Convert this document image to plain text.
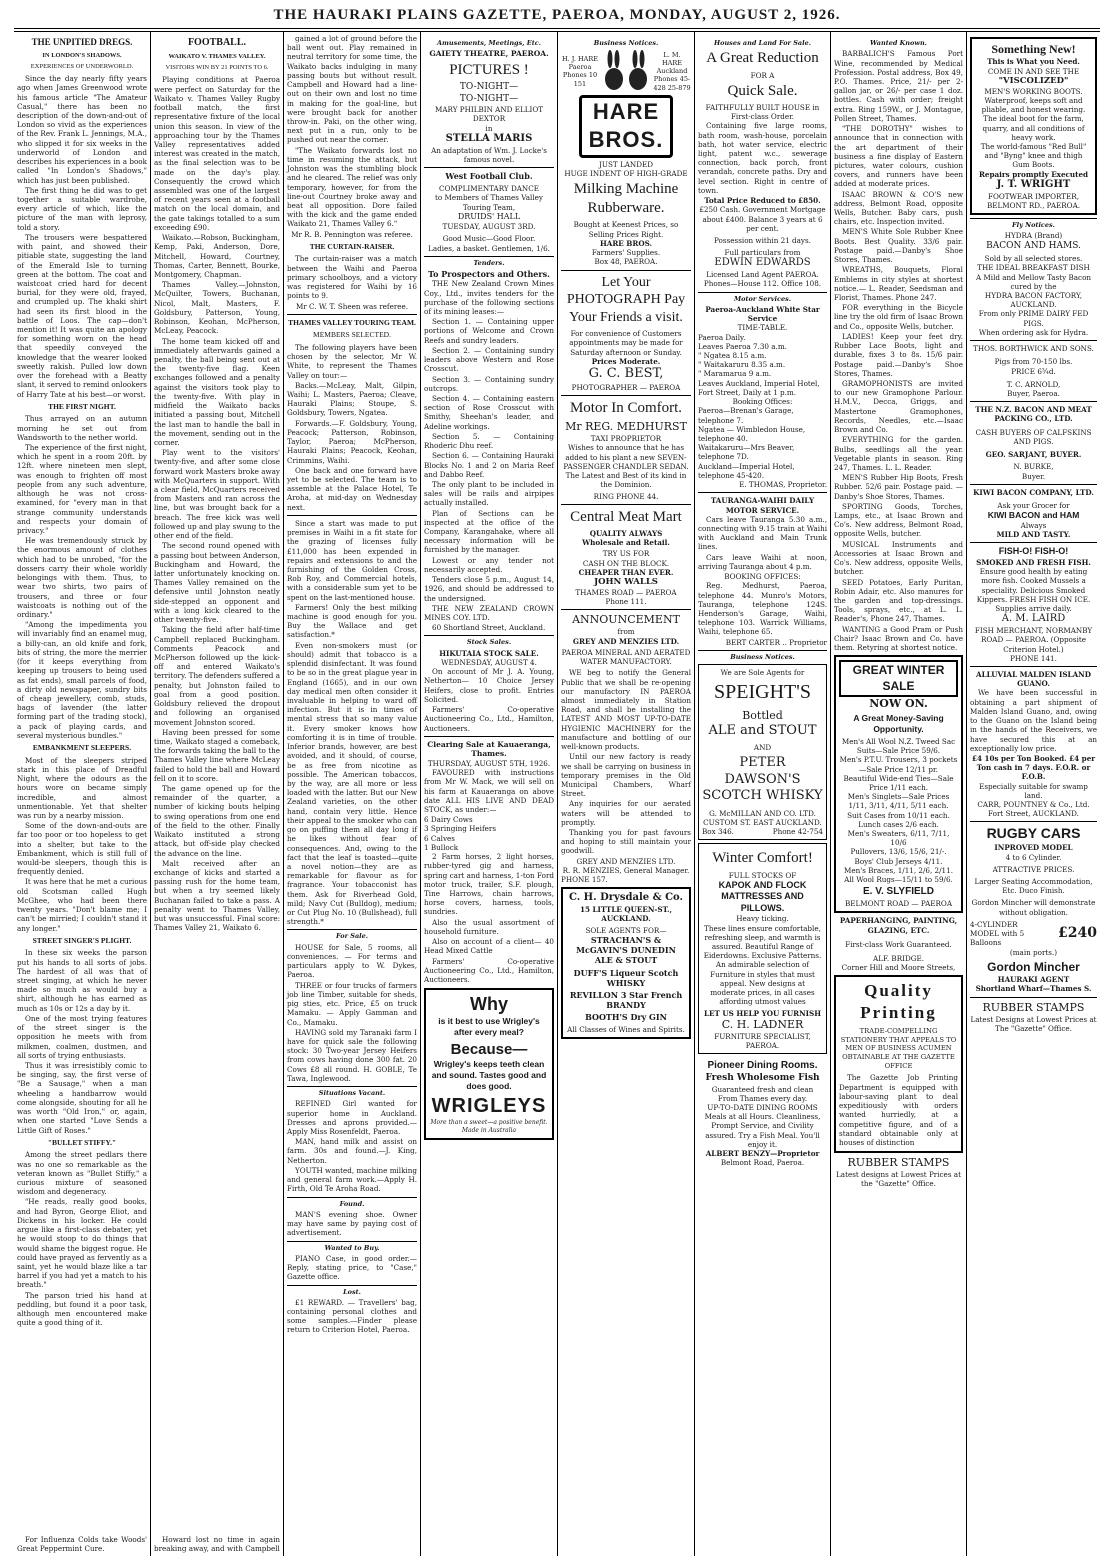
THE HAURAKI PLAINS GAZETTE, PAEROA, MONDAY, AUGUST 2, 1926.
THE UNPITIED DREGS.
IN LONDON'S SHADOWS.
EXPERIENCES OF UNDERWORLD.

Since the day nearly fifty years ago when James Greenwood wrote his famous article "The Amateur Casual," there has been no description of the down-and-out of London so vivid as the experiences of the Rev. Frank L. Jennings, M.A., who slipped it for six weeks in the underworld of London and describes his experiences in a book called "In London's Shadows," which has just been published.

The first thing he did was to get together a suitable wardrobe, every article of which, like the picture of the man with leprosy, told a story.

The trousers were bespattered with paint, and showed their pitiable state, suggesting the land of the Emerald Isle to turning green at the bottom. The coat and waistcoat cried hard for decent burial, for they were old, frayed, and crumpled up. The khaki shirt had seen its first blood in the battle of Loos. The cap—don't mention it! It was quite an apology for something worn on the head that speedily conveyed the knowledge that the wearer looked sweetly rakish. Pulled low down over the forehead with a Beatty slant, it served to remind onlookers of Harry Tate at his best—or worst.

THE FIRST NIGHT.

Thus arrayed on an autumn morning he set out from Wandsworth to the nether world.

The experience of the first night, which he spent in a room 20ft. by 12ft. where nineteen men slept, was enough to frighten off most people from any such adventure, although he was not cross-examined, for "every man in that strange community understands and respects your domain of privacy."

He was tremendously struck by the enormous amount of clothes which had to be unrobed, "for the dossers carry their whole worldly belongings with them. Thus, to wear two shirts, two pairs of trousers, and three or four waistcoats is nothing out of the ordinary."

"Among the impedimenta you will invariably find an enamel mug, a billy-can, an old knife and fork, bits of string, the more the merrier (for it keeps everything from keeping up trousers to being used as fat ends), small parcels of food, a dirty old newspaper, sundry bits of cheap jewellery, comb, studs, bags of lavender (the latter forming part of the trading stock), a pack of playing cards, and several mysterious bundles."

EMBANKMENT SLEEPERS.

Most of the sleepers striped stark in this place of Dreadful Night, where the odours as the hours wore on became simply incredible, and almost unmentionable. Yet that shelter was run by a nearby mission.

Some of the down-and-outs are far too poor or too hopeless to get into a shelter, but take to the Embankment, which is still full of would-be sleepers, though this is frequently denied.

It was here that he met a curious old Scotsman called Hugh McGhee, who had been there twenty years. "Don't blame me; I can't be mirried; I couldn't stand it any longer."

STREET SINGER'S PLIGHT.

In these six weeks the parson put his hands to all sorts of jobs. The hardest of all was that of street singing, at which he never made so much as would buy a shirt, although he has earned as much as 10s or 12s a day by it.

One of the most trying features of the street singer is the opposition he meets with from milkmen, coalmen, dustmen, and all sorts of trying enthusiasts.

Thus it was irresistibly comic to be singing, say, the first verse of "Be a Sausage," when a man wheeling a handbarrow would come alongside, shouting for all he was worth "Old Iron," or, again, when one started "Love Sends a Little Gift of Roses."

"BULLET STIFFY."

Among the street pedlars there was no one so remarkable as the veteran known as "Bullet Stiffy," a curious mixture of seasoned wisdom and degeneracy.

"He reads, really good books, and had Byron, George Eliot, and Dickens in his locker. He could argue like a first-class debater, yet he would stoop to do things that would shame the biggest rogue. He could have prayed as fervently as a saint, yet he would blaze like a tar barrel if you had yet a match to his breath."

The parson tried his hand at peddling, but found it a poor task, although men encountered make quite a good thing of it.

For Influenza Colds take Woods' Great Peppermint Cure.

FOOTBALL.
WAIKATO V. THAMES VALLEY.
VISITORS WIN BY 21 POINTS TO 6.

Playing conditions at Paeroa were perfect on Saturday for the Waikato v. Thames Valley Rugby football match, the first representative fixture of the local union this season. In view of the approaching tour by the Thames Valley representatives added interest was created in the match, as the final selection was to be made on the day's play. Consequently the crowd which assembled was one of the largest of recent years seen at a football match on the local domain, and the gate takings totalled to a sum exceeding £90.

Waikato.—Robson, Buckingham, Kemp, Paki, Anderson, Dore, Mitchell, Howard, Courtney, Thomas, Carter, Bennett, Bourke, Montgomery, Chapman.

Thames Valley.—Johnston, McQuilter, Towers, Buchanan, Nicol, Malt, Masters, F. Goldsbury, Patterson, Young, Robinson, Keohan, McPherson, McLeay, Peacock.

The home team kicked off and immediately afterwards gained a penalty, the ball being sent out at the twenty-five flag. Keen exchanges followed and a penalty against the visitors took play to the twenty-five. With play in midfield the Waikato backs initiated a passing bout, Mitchell the last man to handle the ball in the movement, sending out in the corner.

Play went to the visitors' twenty-five, and after some close forward work Masters broke away with McQuarters in support. With a clear field, McQuarters received from Masters and ran across the line, but was brought back for a breach. The free kick was well followed up and play swung to the other end of the field.

The second round opened with a passing bout between Anderson, Buckingham and Howard, the latter unfortunately knocking on. Thames Valley remained on the defensive until Johnston neatly side-stepped an opponent and with a long kick cleared to the other twenty-five.

Taking the field after half-time Campbell replaced Buckingham. Comments Peacock and McPherson followed up the kick-off and entered Waikato's territory. The defenders suffered a penalty, but Johnston failed to goal from a good position. Goldsbury relieved the dropout and following an organised movement Johnston scored.

Having been pressed for some time, Waikato staged a comeback, the forwards taking the ball to the Thames Valley line where McLeay failed to hold the ball and Howard fell on it to score.

The game opened up for the remainder of the quarter, a number of kicking bouts helping to swing operations from one end of the field to the other. Finally Waikato instituted a strong attack, but off-side play checked the advance on the line.

Malt received after an exchange of kicks and started a passing rush for the home team, but when a try seemed likely Buchanan failed to take a pass. A penalty went to Thames Valley, but was unsuccessful. Final score: Thames Valley 21, Waikato 6.

Howard lost no time in again breaking away, and with Campbell

gained a lot of ground before the ball went out. Play remained in neutral territory for some time, the Waikato backs indulging in many passing bouts but without result. Campbell and Howard had a line-out on their own and lost no time in making for the goal-line, but were brought back for another throw-in. Paki, on the other wing, next put in a run, only to be pushed out near the corner.

"The Waikato forwards lost no time in resuming the attack, but Johnston was the stumbling block and he cleared. The relief was only temporary, however, for from the line-out Courtney broke away and beat all opposition. Dore failed with the kick and the game ended Waikato 21, Thames Valley 6."

Mr R. B. Pennington was referee.

THE CURTAIN-RAISER.

The curtain-raiser was a match between the Waihi and Paeroa primary schoolboys, and a victory was registered for Waihi by 16 points to 9.

Mr C. W. T. Sheen was referee.

THAMES VALLEY TOURING TEAM.
MEMBERS SELECTED.

The following players have been chosen by the selector, Mr W. White, to represent the Thames Valley on tour:—

Backs.—McLeay, Malt, Gilpin, Waihi; L. Masters, Paeroa; Cleave, Hauraki Plains; Stoupe, S. Goldsbury, Towers, Ngatea.

Forwards.—F. Goldsbury, Young, Peacock; Patterson, Robinson, Taylor, Paeroa; McPherson, Hauraki Plains; Peacock, Keohan, Crimmins, Waihi.

One back and one forward have yet to be selected. The team is to assemble at the Palace Hotel, Te Aroha, at mid-day on Wednesday next.

Since a start was made to put premises in Waihi in a fit state for the grazing of licenses fully £11,000 has been expended in repairs and extensions to and the furnishing of the Golden Cross, Rob Roy, and Commercial hotels, with a considerable sum yet to be spent on the last-mentioned house.

Farmers! Only the best milking machine is good enough for you. Buy the Wallace and get satisfaction.*

Even non-smokers must (or should) admit that tobacco is a splendid disinfectant. It was found to be so in the great plague year in England (1665), and in our own day medical men often consider it invaluable in helping to ward off infection. But it is in times of mental stress that so many value it. Every smoker knows how comforting it is in time of trouble. Inferior brands, however, are best avoided, and it should, of course, be as free from nicotine as possible. The American tobaccos, by the way, are all more or less loaded with the latter. But our New Zealand varieties, on the other hand, contain very little. Hence their appeal to the smoker who can go on puffing them all day long if he likes without fear of consequences. And, owing to the fact that the leaf is toasted—quite a novel notion—they are as remarkable for flavour as for fragrance. Your tobacconist has them. Ask for Riverhead Gold, mild; Navy Cut (Bulldog), medium; or Cut Plug No. 10 (Bullshead), full strength.*

For Sale.

HOUSE for Sale, 5 rooms, all conveniences. — For terms and particulars apply to W. Dykes, Paeroa.

THREE or four trucks of farmers job line Timber, suitable for sheds, pig sties, etc. Price, £5 on truck Mamaku. — Apply Gamman and Co., Mamaku.

HAVING sold my Taranaki farm I have for quick sale the following stock: 30 Two-year Jersey Heifers from cows having done 300 fat. 20 Cows £8 all round. H. GOBLE, Te Tawa, Inglewood.

Situations Vacant.

REFINED Girl wanted for superior home in Auckland. Dresses and aprons provided.—Apply Miss Rosenfeldt, Paeroa.

MAN, hand milk and assist on farm. 30s and found.—J. King, Netherton.

YOUTH wanted, machine milking and general farm work.—Apply H. Firth, Old Te Aroha Road.

Found.

MAN'S evening shoe. Owner may have same by paying cost of advertisement.

Wanted to Buy.

PIANO Case, in good order.—Reply, stating price, to "Case," Gazette office.

Lost.

£1 REWARD. — Travellers' bag, containing personal clothes and some samples.—Finder please return to Criterion Hotel, Paeroa.

Amusements, Meetings, Etc.
GAIETY THEATRE, PAEROA.
PICTURES !
TO-NIGHT—
TO-NIGHT—
MARY PHILBIN AND ELLIOT DEXTOR
in
STELLA MARIS
An adaptation of Wm. J. Locke's famous novel.
West Football Club.
COMPLIMENTARY DANCE
to Members of Thames Valley Touring Team,
DRUIDS' HALL
TUESDAY, AUGUST 3RD.
Good Music—Good Floor.
Ladies, a basket. Gentlemen, 1/6.
Tenders.
To Prospectors and Others.

THE New Zealand Crown Mines Coy., Ltd., invites tenders for the purchase of the following sections of its mining leases:—

Section 1. — Containing upper portions of Welcome and Crown Reefs and sundry leaders.

Section 2. — Containing sundry leaders above Western and Rose Crosscut.

Section 3. — Containing sundry outcrops.

Section 4. — Containing eastern section of Rose Crosscut with Smithy, Sheehan's leader, and Adeline workings.

Section 5. — Containing Rhoderic Dhu reef.

Section 6. — Containing Hauraki Blocks No. 1 and 2 on Maria Reef and Dabbo Reef.

The only plant to be included in sales will be rails and airpipes actually installed.

Plan of Sections can be inspected at the office of the Company, Karangahake, where all necessary information will be furnished by the manager.

Lowest or any tender not necessarily accepted.

Tenders close 5 p.m., August 14, 1926, and should be addressed to the undersigned.

THE NEW ZEALAND CROWN MINES COY. LTD.

60 Shortland Street, Auckland.

Stock Sales.
HIKUTAIA STOCK SALE.
WEDNESDAY, AUGUST 4.

On account of Mr J. A. Young, Netherton— 10 Choice Jersey Heifers, close to profit. Entries Solicited.

Farmers' Co-operative Auctioneering Co., Ltd., Hamilton, Auctioneers.

Clearing Sale at Kauaeranga, Thames.
THURSDAY, AUGUST 5TH, 1926.

FAVOURED with instructions from Mr W. Mack, we will sell on his farm at Kauaeranga on above date ALL HIS LIVE AND DEAD STOCK, as under:—

6 Dairy Cows

3 Springing Heifers

6 Calves

1 Bullock

2 Farm horses, 2 light horses, rubber-tyred gig and harness, spring cart and harness, 1-ton Ford motor truck, trailer, S.F. plough, Tine Harrows, chain harrows, horse covers, harness, tools, sundries.

Also the usual assortment of household furniture.

Also on account of a client— 40 Head Mixed Cattle

Farmers' Co-operative Auctioneering Co., Ltd., Hamilton, Auctioneers.

Why
is it best to use Wrigley's after every meal?
Because—
Wrigley's keeps teeth clean and sound. Tastes good and does good.
WRIGLEYS
More than a sweet—a positive benefit.
Made in Australia
Business Notices.
H. J. HARE Paeroa Phones 10 151
L. M. HARE Auckland Phones 45-428 25-879
HARE BROS.
JUST LANDED
HUGE INDENT OF HIGH-GRADE
Milking Machine Rubberware.
Bought at Keenest Prices, so Selling Prices Right.
HARE BROS.
Farmers' Supplies.
Box 48, PAEROA.
Let Your PHOTOGRAPH Pay Your Friends a visit.
For convenience of Customers appointments may be made for Saturday afternoon or Sunday.
Prices Moderate.
G. C. BEST,
PHOTOGRAPHER — PAEROA
Motor In Comfort.
Mr REG. MEDHURST
TAXI PROPRIETOR

Wishes to announce that he has added to his plant a new SEVEN-PASSENGER CHANDLER SEDAN. The Latest and Best of its kind in the Dominion.

RING PHONE 44.
Central Meat Mart
QUALITY ALWAYS
Wholesale and Retail.
TRY US FOR
CASH ON THE BLOCK.
CHEAPER THAN EVER.
JOHN WALLS
THAMES ROAD — PAEROA
Phone 111.
ANNOUNCEMENT
from
GREY AND MENZIES LTD.
PAEROA MINERAL AND AERATED WATER MANUFACTORY.

WE beg to notify the General Public that we shall be re-opening our manufactory IN PAEROA almost immediately in Station Road, and shall be installing the LATEST AND MOST UP-TO-DATE HYGIENIC MACHINERY for the manufacture and bottling of our well-known products.

Until our new factory is ready we shall be carrying on business in temporary premises in the Old Municipal Chambers, Wharf Street.

Any inquiries for our aerated waters will be attended to promptly.

Thanking you for past favours and hoping to still maintain your goodwill.

GREY AND MENZIES LTD.
R. R. MENZIES, General Manager.
PHONE 157.
C. H. Drysdale & Co.
15 LITTLE QUEEN-ST., AUCKLAND.
SOLE AGENTS FOR—
STRACHAN'S & McGAVIN'S DUNEDIN ALE & STOUT
DUFF'S Liqueur Scotch WHISKY
REVILLON 3 Star French BRANDY
BOOTH'S Dry GIN
All Classes of Wines and Spirits.
Houses and Land For Sale.
A Great Reduction
FOR A
Quick Sale.
FAITHFULLY BUILT HOUSE in First-class Order.

Containing five large rooms, bath room, wash-house, porcelain bath, hot water service, electric light, patent w.c., sewerage connection, back porch, front verandah, concrete paths. Dry and level section. Right in centre of town.

Total Price Reduced to £850.

£250 Cash. Government Mortgage about £400. Balance 3 years at 6 per cent.

Possession within 21 days.
Full particulars from
EDWIN EDWARDS
Licensed Land Agent PAEROA.
Phones—House 112. Office 108.
Motor Services.
Paeroa-Auckland White Star Service
TIME-TABLE.
Paeroa Daily.
Leaves Paeroa 7.30 a.m.
" Ngatea 8.15 a.m.
" Waitakaruru 8.35 a.m.
" Maramarua 9 a.m.
Leaves Auckland, Imperial Hotel, Fort Street, Daily at 1 p.m.
Booking Offices:
Paeroa—Brenan's Garage, telephone 7.
Ngatea — Wimbledon House, telephone 40.
Waitakaruru—Mrs Beaver, telephone 7D.
Auckland—Imperial Hotel, telephone 45-420.
E. THOMAS, Proprietor.
TAURANGA-WAIHI DAILY MOTOR SERVICE.

Cars leave Tauranga 5.30 a.m., connecting with 9.15 train at Waihi with Auckland and Main Trunk lines.

Cars leave Waihi at noon, arriving Tauranga about 4 p.m.

BOOKING OFFICES:

Reg. Medhurst, Paeroa, telephone 44. Munro's Motors, Tauranga, telephone 124S. Henderson's Garage, Waihi, telephone 103. Warrick Williams, Waihi, telephone 65.

BERT CARTER .. Proprietor
Business Notices.
We are Sole Agents for
SPEIGHT'S
Bottled
ALE and STOUT
AND
PETER DAWSON'S SCOTCH WHISKY
G. McMILLAN AND CO. LTD.
CUSTOM ST. EAST AUCKLAND.
Box 346.	Phone 42-754
Winter Comfort!
FULL STOCKS OF
KAPOK AND FLOCK MATTRESSES AND PILLOWS.
Heavy ticking.

These lines ensure comfortable, refreshing sleep, and warmth is assured. Beautiful Range of Eiderdowns. Exclusive Patterns. An admirable selection of Furniture in styles that must appeal. New designs at moderate prices, in all cases affording utmost values

LET US HELP YOU FURNISH
C. H. LADNER
FURNITURE SPECIALIST, PAEROA.
Pioneer Dining Rooms.
Fresh Wholesome Fish
Guaranteed fresh and clean From Thames every day.
UP-TO-DATE DINING ROOMS Meals at all Hours. Cleanliness, Prompt Service, and Civility assured. Try a Fish Meal. You'll enjoy it.
ALBERT BENZY—Proprietor
Belmont Road, Paeroa.
Wanted Known.

BARBALICH'S Famous Port Wine, recommended by Medical Profession. Postal address, Box 49, P.O. Thames. Price, 21/- per 2-gallon jar, or 26/- per case 1 doz. bottles. Cash with order; freight extra. Ring 159W., or J. Montague, Pollen Street, Thames.

"THE DOROTHY" wishes to announce that in connection with the art department of their business a fine display of Eastern pictures, water colours, cushion covers, and runners have been added at moderate prices.

ISAAC BROWN & CO'S new address, Belmont Road, opposite Wells, Butcher. Baby cars, push chairs, etc. Inspection invited.

MEN'S White Sole Rubber Knee Boots. Best Quality. 33/6 pair. Postage paid.—Danby's Shoe Stores, Thames.

WREATHS, Bouquets, Floral Emblems in city styles at shortest notice.— L. Reader, Seedsman and Florist, Thames. Phone 247.

FOR everything in the Bicycle line try the old firm of Isaac Brown and Co., opposite Wells, butcher.

LADIES! Keep your feet dry. Rubber Lace Boots, light and durable, fixes 3 to 8s. 15/6 pair. Postage paid.—Danby's Shoe Stores, Thames.

GRAMOPHONISTS are invited to our new Gramophone Parlour. H.M.V., Decca, Griggs, and Mastertone Gramophones, Records, Needles, etc.—Isaac Brown and Co.

EVERYTHING for the garden. Bulbs, seedlings all the year. Vegetable plants in season. Ring 247, Thames. L. L. Reader.

MEN'S Rubber Hip Boots, Fresh Rubber. 52/6 pair. Postage paid. — Danby's Shoe Stores, Thames.

SPORTING Goods, Torches, Lamps, etc., at Isaac Brown and Co's. New address, Belmont Road, opposite Wells, butcher.

MUSICAL Instruments and Accessories at Isaac Brown and Co's. New address, opposite Wells, butcher.

SEED Potatoes, Early Puritan, Robin Adair, etc. Also manures for the garden and top-dressings. Tools, sprays, etc., at L. L. Reader's, Phone 247, Thames.

WANTING a Good Pram or Push Chair? Isaac Brown and Co. have them. Retyring at shortest notice.

GREAT WINTER SALE
NOW ON.
A Great Money-Saving Opportunity.
Men's All Wool N.Z. Tweed Sac Suits—Sale Price 59/6.
Men's P.T.U. Trousers, 3 pockets—Sale Price 12/11 pr.
Beautiful Wide-end Ties—Sale Price 1/11 each.
Men's Singlets—Sale Prices 1/11, 3/11, 4/11, 5/11 each.
Suit Cases from 10/11 each. Lunch cases 2/6 each.
Men's Sweaters, 6/11, 7/11, 10/6
Pullovers, 13/6, 15/6, 21/-.
Boys' Club Jerseys 4/11.
Men's Braces, 1/11, 2/6, 2/11.
All Wool Rugs—15/11 to 59/6.
E. V. SLYFIELD
BELMONT ROAD — PAEROA
PAPERHANGING, PAINTING, GLAZING, ETC.
First-class Work Guaranteed.
ALF. BRIDGE.
Corner Hill and Moore Streets,
Quality Printing
TRADE-COMPELLING STATIONERY THAT APPEALS TO MEN OF BUSINESS ACUMEN OBTAINABLE AT THE GAZETTE OFFICE

The Gazette Job Printing Department is equipped with labour-saving plant to deal expeditiously with orders wanted hurriedly, at a competitive figure, and of a standard obtainable only at houses of distinction

RUBBER STAMPS
Latest designs at Lowest Prices at the "Gazette" Office.
Something New!
This is What you Need.
COME IN AND SEE THE
"VISCOLIZED"
MEN'S WORKING BOOTS.
Waterproof, keeps soft and pliable, and honest wearing. The ideal boot for the farm, quarry, and all conditions of heavy work.
The world-famous "Red Bull" and "Byng" knee and thigh Gum Boots.
Repairs promptly Executed
J. T. WRIGHT
FOOTWEAR IMPORTER, BELMONT RD., PAEROA.
Fly Notices.
HYDRA (Brand)
BACON AND HAMS.
Sold by all selected stores.
THE IDEAL BREAKFAST DISH
A Mild and Mellow Tasty Bacon cured by the
HYDRA BACON FACTORY, AUCKLAND.
From only PRIME DAIRY FED PIGS.
When ordering ask for Hydra.
THOS. BORTHWICK AND SONS.
Pigs from 70-150 lbs.
PRICE 6¾d.
T. C. ARNOLD,
Buyer, Paeroa.
THE N.Z. BACON AND MEAT PACKING CO., LTD.
CASH BUYERS OF CALFSKINS AND PIGS.
GEO. SARJANT, BUYER.
N. BURKE,
Buyer.
KIWI BACON COMPANY, LTD.
Ask your Grocer for
KIWI BACON and HAM
Always
MILD AND TASTY.
FISH-O! FISH-O!
SMOKED AND FRESH FISH.
Ensure good health by eating more fish. Cooked Mussels a speciality. Delicious Smoked Kippers. FRESH FISH ON ICE. Supplies arrive daily.
A. M. LAIRD
FISH MERCHANT, NORMANBY ROAD — PAEROA. (Opposite Criterion Hotel.)
PHONE 141.
ALLUVIAL MALDEN ISLAND GUANO.

We have been successful in obtaining a part shipment of Malden Island Guano, and, owing to the Guano on the Island being in the hands of the Receivers, we have secured this at an exceptionally low price.

£4 10s per Ton Booked. £4 per Ton cash in 7 days. F.O.R. or F.O.B.
Especially suitable for swamp land.
CARR, POUNTNEY & Co., Ltd. Fort Street, AUCKLAND.
RUGBY CARS
INPROVED MODEL
4 to 6 Cylinder.
ATTRACTIVE PRICES.
Larger Seating Accommodation, Etc. Duco Finish.
Gordon Mincher will demonstrate without obligation.
4-CYLINDER MODEL with 5 Balloons
£240
(main ports.)
Gordon Mincher
HAURAKI AGENT
Shortland Wharf—Thames S.
RUBBER STAMPS
Latest Designs at Lowest Prices at The "Gazette" Office.
